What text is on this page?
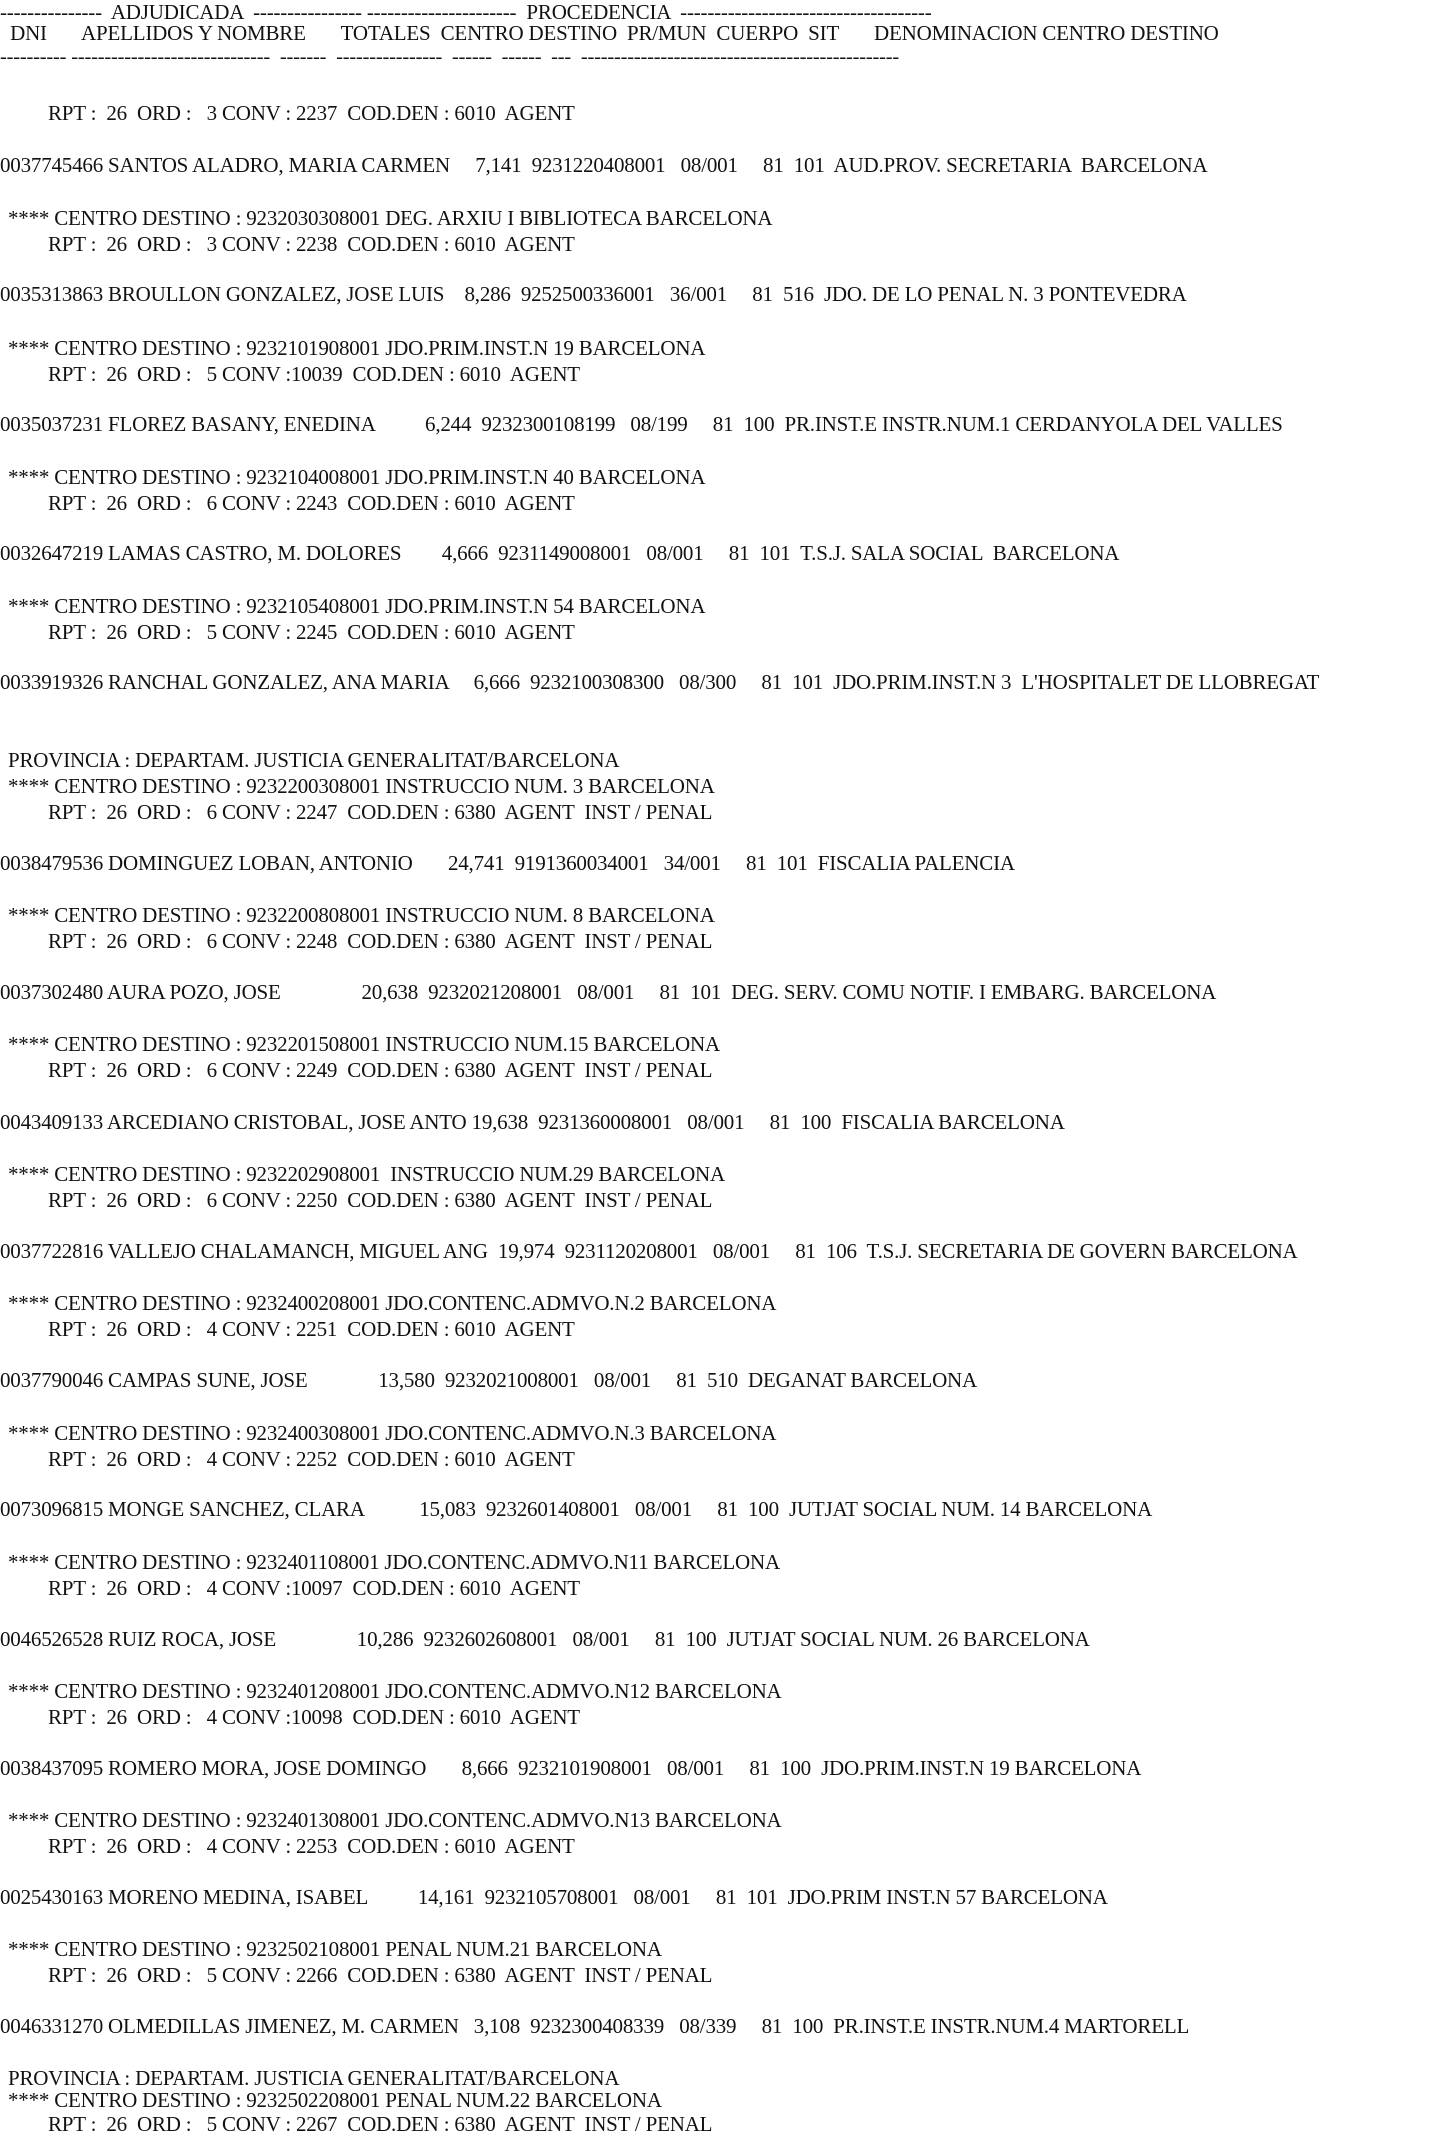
---------------  ADJUDICADA  ---------------- ----------------------  PROCEDENCIA  -------------------------------------
DNI       APELLIDOS Y NOMBRE       TOTALES  CENTRO DESTINO  PR/MUN  CUERPO  SIT       DENOMINACION CENTRO DESTINO
---------- ------------------------------  -------  ----------------  ------  ------  ---  ------------------------------------------------
RPT :  26  ORD :   3 CONV : 2237  COD.DEN : 6010  AGENT
0037745466 SANTOS ALADRO, MARIA CARMEN     7,141  9231220408001   08/001     81  101  AUD.PROV. SECRETARIA  BARCELONA
**** CENTRO DESTINO : 9232030308001 DEG. ARXIU I BIBLIOTECA BARCELONA
RPT :  26  ORD :   3 CONV : 2238  COD.DEN : 6010  AGENT
0035313863 BROULLON GONZALEZ, JOSE LUIS    8,286  9252500336001   36/001     81  516  JDO. DE LO PENAL N. 3 PONTEVEDRA
**** CENTRO DESTINO : 9232101908001 JDO.PRIM.INST.N 19 BARCELONA
RPT :  26  ORD :   5 CONV :10039  COD.DEN : 6010  AGENT
0035037231 FLOREZ BASANY, ENEDINA          6,244  9232300108199   08/199     81  100  PR.INST.E INSTR.NUM.1 CERDANYOLA DEL VALLES
**** CENTRO DESTINO : 9232104008001 JDO.PRIM.INST.N 40 BARCELONA
RPT :  26  ORD :   6 CONV : 2243  COD.DEN : 6010  AGENT
0032647219 LAMAS CASTRO, M. DOLORES        4,666  9231149008001   08/001     81  101  T.S.J. SALA SOCIAL  BARCELONA
**** CENTRO DESTINO : 9232105408001 JDO.PRIM.INST.N 54 BARCELONA
RPT :  26  ORD :   5 CONV : 2245  COD.DEN : 6010  AGENT
0033919326 RANCHAL GONZALEZ, ANA MARIA     6,666  9232100308300   08/300     81  101  JDO.PRIM.INST.N 3  L'HOSPITALET DE LLOBREGAT
PROVINCIA : DEPARTAM. JUSTICIA GENERALITAT/BARCELONA
**** CENTRO DESTINO : 9232200308001 INSTRUCCIO NUM. 3 BARCELONA
RPT :  26  ORD :   6 CONV : 2247  COD.DEN : 6380  AGENT  INST / PENAL
0038479536 DOMINGUEZ LOBAN, ANTONIO       24,741  9191360034001   34/001     81  101  FISCALIA PALENCIA
**** CENTRO DESTINO : 9232200808001 INSTRUCCIO NUM. 8 BARCELONA
RPT :  26  ORD :   6 CONV : 2248  COD.DEN : 6380  AGENT  INST / PENAL
0037302480 AURA POZO, JOSE                20,638  9232021208001   08/001     81  101  DEG. SERV. COMU NOTIF. I EMBARG. BARCELONA
**** CENTRO DESTINO : 9232201508001 INSTRUCCIO NUM.15 BARCELONA
RPT :  26  ORD :   6 CONV : 2249  COD.DEN : 6380  AGENT  INST / PENAL
0043409133 ARCEDIANO CRISTOBAL, JOSE ANTO 19,638  9231360008001   08/001     81  100  FISCALIA BARCELONA
**** CENTRO DESTINO : 9232202908001  INSTRUCCIO NUM.29 BARCELONA
RPT :  26  ORD :   6 CONV : 2250  COD.DEN : 6380  AGENT  INST / PENAL
0037722816 VALLEJO CHALAMANCH, MIGUEL ANG  19,974  9231120208001   08/001     81  106  T.S.J. SECRETARIA DE GOVERN BARCELONA
**** CENTRO DESTINO : 9232400208001 JDO.CONTENC.ADMVO.N.2 BARCELONA
RPT :  26  ORD :   4 CONV : 2251  COD.DEN : 6010  AGENT
0037790046 CAMPAS SUNE, JOSE              13,580  9232021008001   08/001     81  510  DEGANAT BARCELONA
**** CENTRO DESTINO : 9232400308001 JDO.CONTENC.ADMVO.N.3 BARCELONA
RPT :  26  ORD :   4 CONV : 2252  COD.DEN : 6010  AGENT
0073096815 MONGE SANCHEZ, CLARA           15,083  9232601408001   08/001     81  100  JUTJAT SOCIAL NUM. 14 BARCELONA
**** CENTRO DESTINO : 9232401108001 JDO.CONTENC.ADMVO.N11 BARCELONA
RPT :  26  ORD :   4 CONV :10097  COD.DEN : 6010  AGENT
0046526528 RUIZ ROCA, JOSE                10,286  9232602608001   08/001     81  100  JUTJAT SOCIAL NUM. 26 BARCELONA
**** CENTRO DESTINO : 9232401208001 JDO.CONTENC.ADMVO.N12 BARCELONA
RPT :  26  ORD :   4 CONV :10098  COD.DEN : 6010  AGENT
0038437095 ROMERO MORA, JOSE DOMINGO       8,666  9232101908001   08/001     81  100  JDO.PRIM.INST.N 19 BARCELONA
**** CENTRO DESTINO : 9232401308001 JDO.CONTENC.ADMVO.N13 BARCELONA
RPT :  26  ORD :   4 CONV : 2253  COD.DEN : 6010  AGENT
0025430163 MORENO MEDINA, ISABEL          14,161  9232105708001   08/001     81  101  JDO.PRIM INST.N 57 BARCELONA
**** CENTRO DESTINO : 9232502108001 PENAL NUM.21 BARCELONA
RPT :  26  ORD :   5 CONV : 2266  COD.DEN : 6380  AGENT  INST / PENAL
0046331270 OLMEDILLAS JIMENEZ, M. CARMEN   3,108  9232300408339   08/339     81  100  PR.INST.E INSTR.NUM.4 MARTORELL
PROVINCIA : DEPARTAM. JUSTICIA GENERALITAT/BARCELONA
**** CENTRO DESTINO : 9232502208001 PENAL NUM.22 BARCELONA
RPT :  26  ORD :   5 CONV : 2267  COD.DEN : 6380  AGENT  INST / PENAL
